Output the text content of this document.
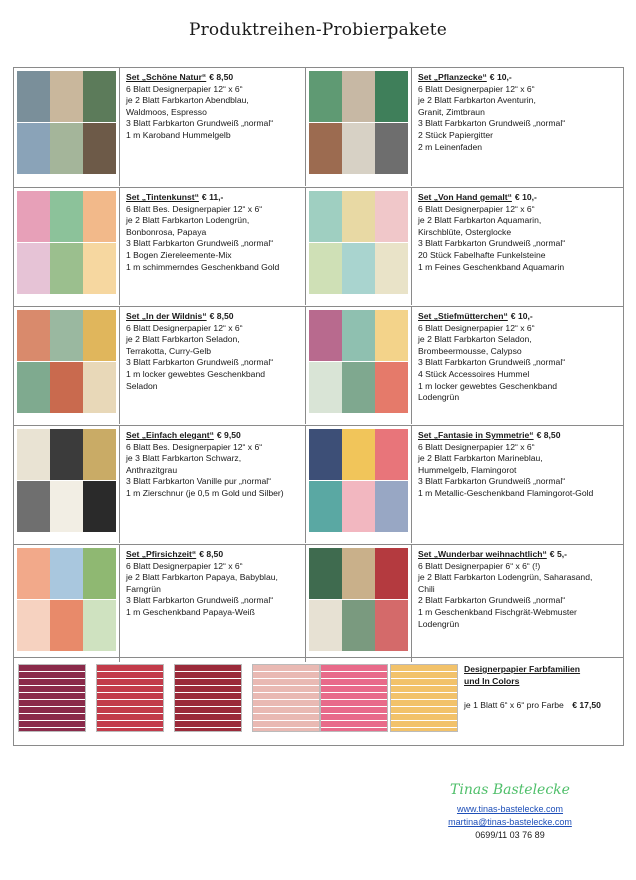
Produktreihen-Probierpakete
Set „Schöne Natur“ € 8,50
6 Blatt Designerpapier 12“ x 6“
je 2 Blatt Farbkarton Abendblau,
Waldmoos, Espresso
3 Blatt Farbkarton Grundweiß „normal“
1 m Karoband Hummelgelb
Set „Pflanzecke“ € 10,-
6 Blatt Designerpapier 12“ x 6“
je 2 Blatt Farbkarton Aventurin,
Granit, Zimtbraun
3 Blatt Farbkarton Grundweiß „normal“
2 Stück Papiergitter
2 m Leinenfaden
Set „Tintenkunst“ € 11,-
6 Blatt Bes. Designerpapier 12“ x 6“
je 2 Blatt Farbkarton Lodengrün,
Bonbonrosa, Papaya
3 Blatt Farbkarton Grundweiß „normal“
1 Bogen Ziereleemente-Mix
1 m schimmerndes Geschenkband Gold
Set „Von Hand gemalt“ € 10,-
6 Blatt Designerpapier 12“ x 6“
je 2 Blatt Farbkarton Aquamarin,
Kirschblüte, Osterglocke
3 Blatt Farbkarton Grundweiß „normal“
20 Stück Fabelhafte Funkelsteine
1 m Feines Geschenkband Aquamarin
Set „In der Wildnis“ € 8,50
6 Blatt Designerpapier 12“ x 6“
je 2 Blatt Farbkarton Seladon,
Terrakotta, Curry-Gelb
3 Blatt Farbkarton Grundweiß „normal“
1 m locker gewebtes Geschenkband
Seladon
Set „Stiefmütterchen“ € 10,-
6 Blatt Designerpapier 12“ x 6“
je 2 Blatt Farbkarton Seladon,
Brombeermousse, Calypso
3 Blatt Farbkarton Grundweiß „normal“
4 Stück Accessoires Hummel
1 m locker gewebtes Geschenkband
Lodengrün
Set „Einfach elegant“ € 9,50
6 Blatt Bes. Designerpapier 12“ x 6“
je 3 Blatt Farbkarton Schwarz,
Anthrazitgrau
3 Blatt Farbkarton Vanille pur „normal“
1 m Zierschnur (je 0,5 m Gold und Silber)
Set „Fantasie in Symmetrie“ € 8,50
6 Blatt Designerpapier 12“ x 6“
je 2 Blatt Farbkarton Marineblau,
Hummelgelb, Flamingorot
3 Blatt Farbkarton Grundweiß „normal“
1 m Metallic-Geschenkband Flamingorot-Gold
Set „Pfirsichzeit“ € 8,50
6 Blatt Designerpapier 12“ x 6“
je 2 Blatt Farbkarton Papaya, Babyblau,
Farngrün
3 Blatt Farbkarton Grundweiß „normal“
1 m Geschenkband Papaya-Weiß
Set „Wunderbar weihnachtlich“ € 5,-
6 Blatt Designerpapier 6“ x 6“ (!)
je 2 Blatt Farbkarton Lodengrün, Saharasand,
Chili
2 Blatt Farbkarton Grundweiß „normal“
1 m Geschenkband Fischgrät-Webmuster
Lodengrün
Designerpapier Farbfamilien
und In Colors
je 1 Blatt 6“ x 6“ pro Farbe € 17,50
Tinas Bastelecke
www.tinas-bastelecke.com
martina@tinas-bastelecke.com
0699/11 03 76 89
